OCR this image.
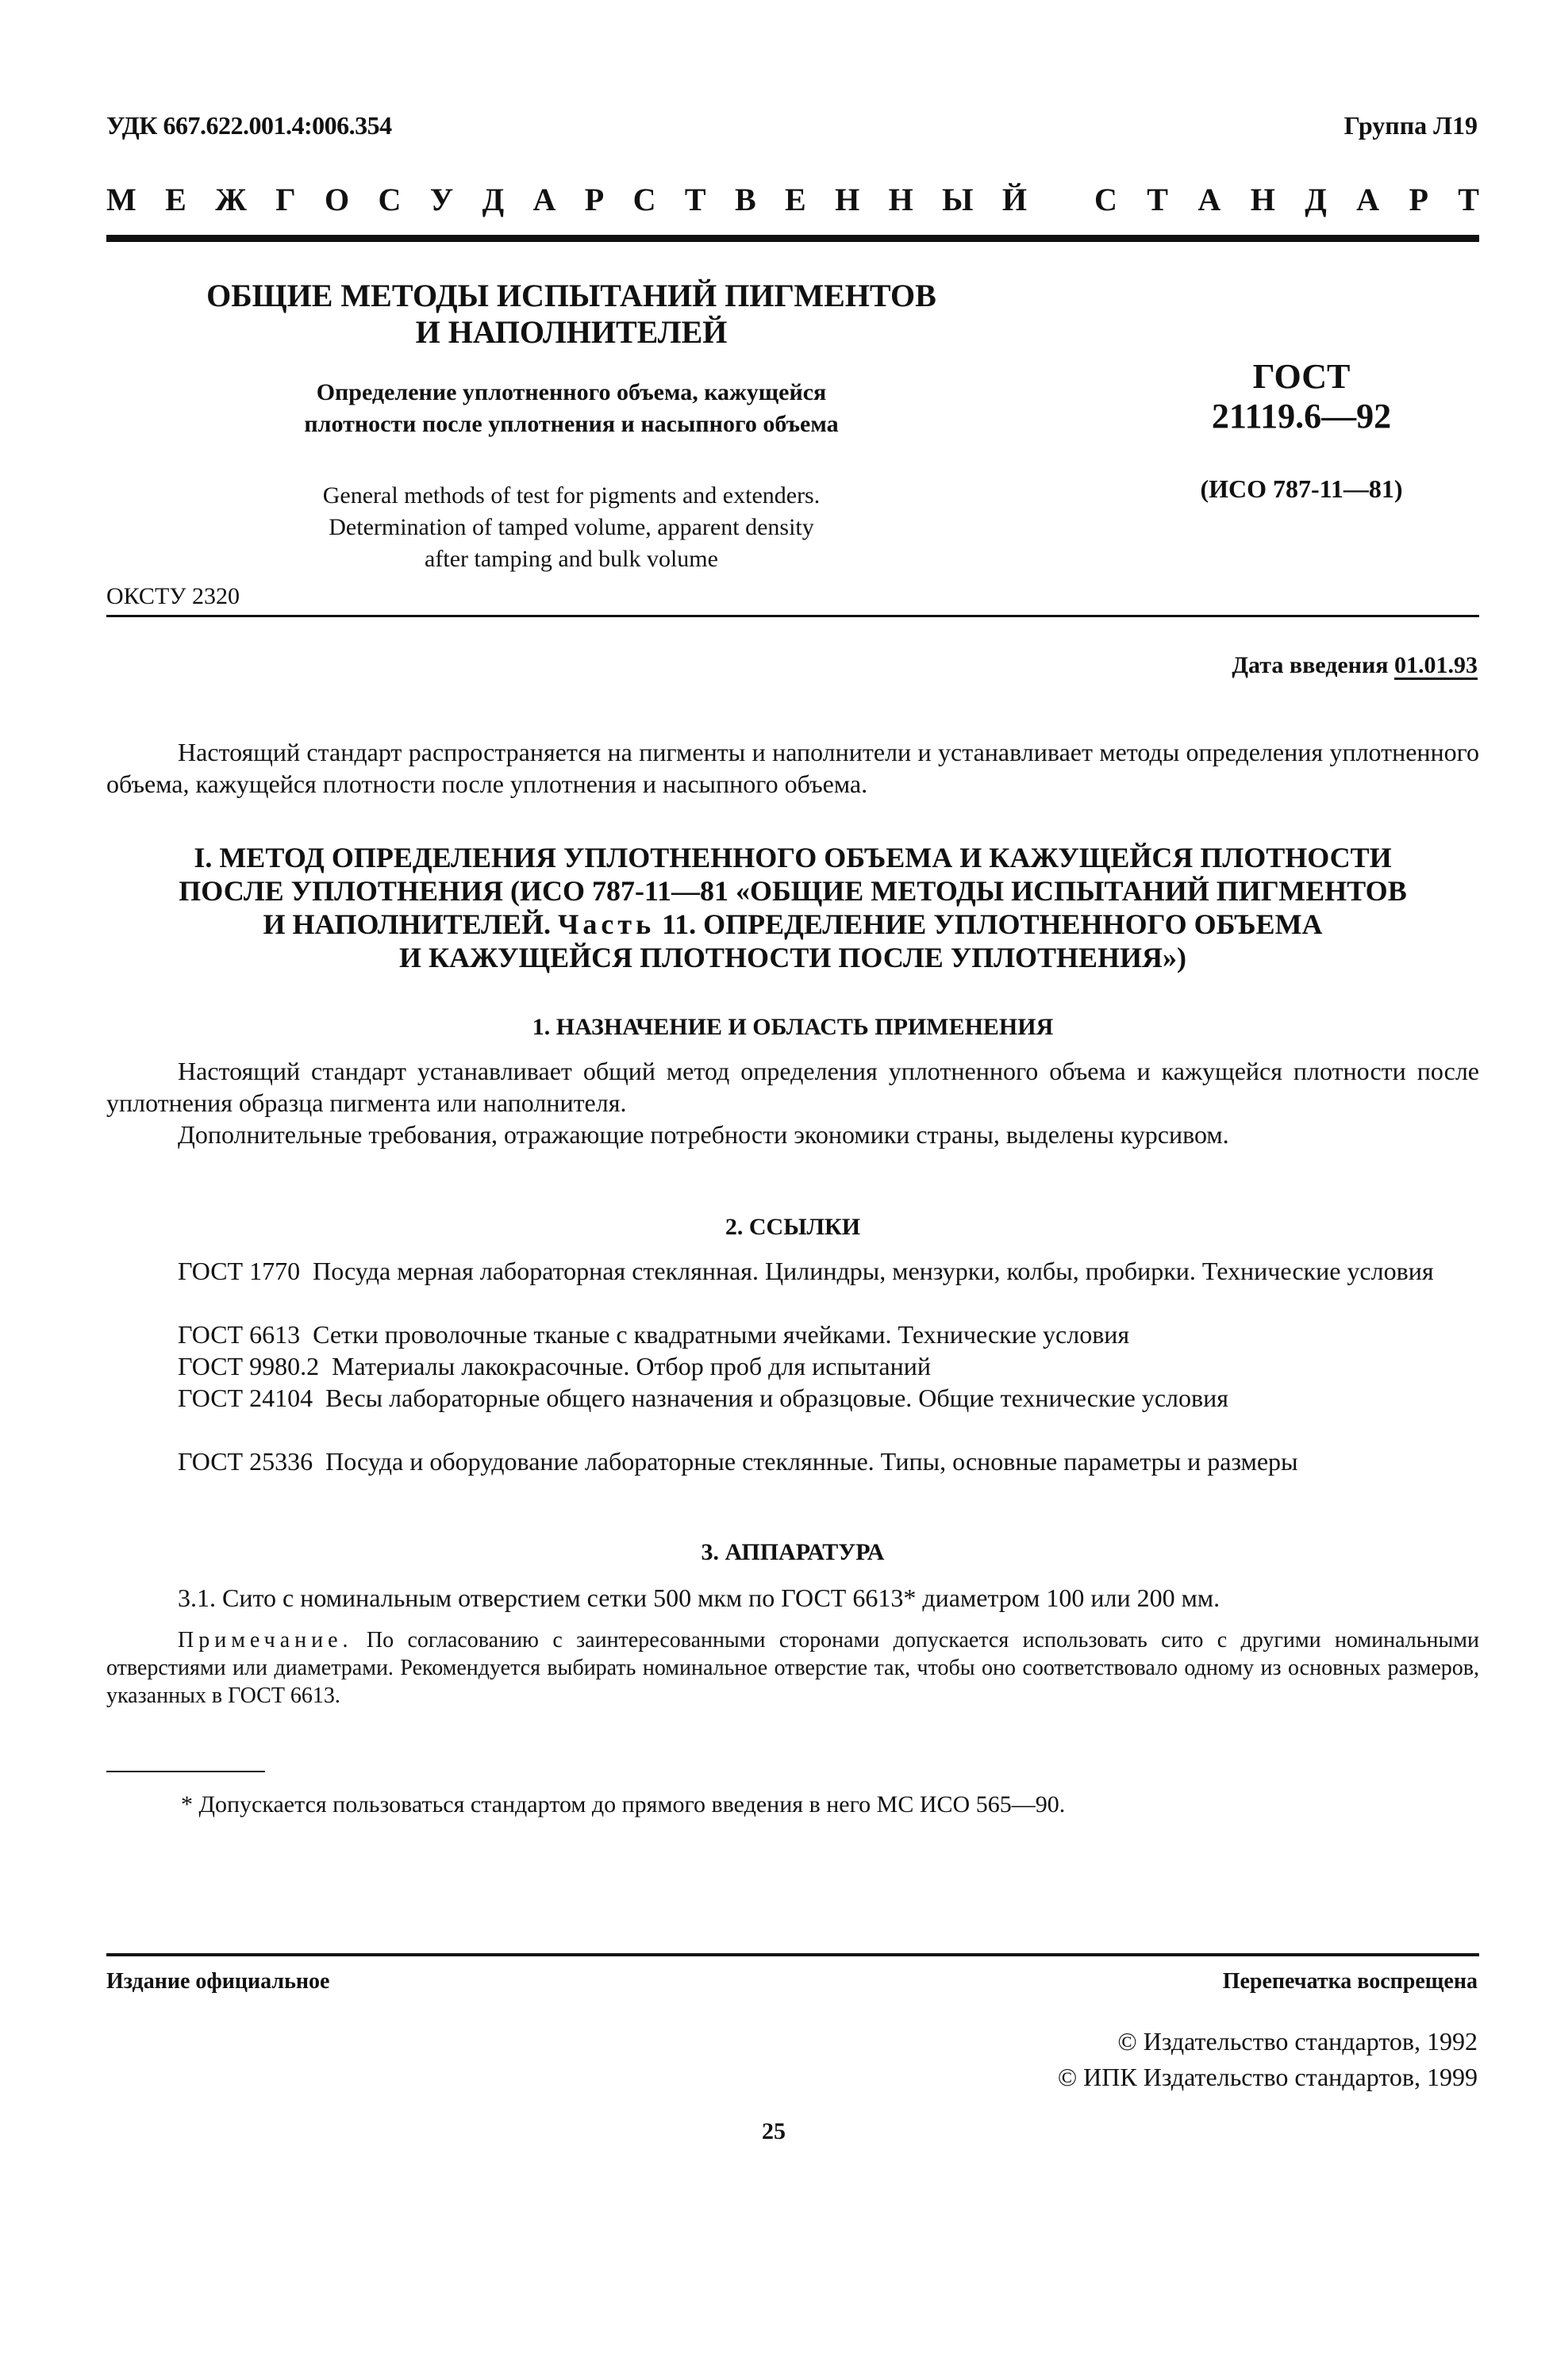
УДК 667.622.001.4:006.354	Группа Л19
М Е Ж Г О С У Д А Р С Т В Е Н Н Ы Й С Т А Н Д А Р Т
ОБЩИЕ МЕТОДЫ ИСПЫТАНИЙ ПИГМЕНТОВ
И НАПОЛНИТЕЛЕЙ
Определение уплотненного объема, кажущейся
плотности после уплотнения и насыпного объема
General methods of test for pigments and extenders.
Determination of tamped volume, apparent density
after tamping and bulk volume
ГОСТ
21119.6—92
(ИСО 787-11—81)
ОКСТУ 2320
Дата введения 01.01.93
Настоящий стандарт распространяется на пигменты и наполнители и устанавливает методы определения уплотненного объема, кажущейся плотности после уплотнения и насыпного объема.
I. МЕТОД ОПРЕДЕЛЕНИЯ УПЛОТНЕННОГО ОБЪЕМА И КАЖУЩЕЙСЯ ПЛОТНОСТИ
ПОСЛЕ УПЛОТНЕНИЯ (ИСО 787-11—81 «ОБЩИЕ МЕТОДЫ ИСПЫТАНИЙ ПИГМЕНТОВ
И НАПОЛНИТЕЛЕЙ. Часть 11. ОПРЕДЕЛЕНИЕ УПЛОТНЕННОГО ОБЪЕМА
И КАЖУЩЕЙСЯ ПЛОТНОСТИ ПОСЛЕ УПЛОТНЕНИЯ»)
1. НАЗНАЧЕНИЕ И ОБЛАСТЬ ПРИМЕНЕНИЯ
Настоящий стандарт устанавливает общий метод определения уплотненного объема и кажущейся плотности после уплотнения образца пигмента или наполнителя.
Дополнительные требования, отражающие потребности экономики страны, выделены курсивом.
2. ССЫЛКИ
ГОСТ 1770 Посуда мерная лабораторная стеклянная. Цилиндры, мензурки, колбы, пробирки. Технические условия
ГОСТ 6613 Сетки проволочные тканые с квадратными ячейками. Технические условия
ГОСТ 9980.2 Материалы лакокрасочные. Отбор проб для испытаний
ГОСТ 24104 Весы лабораторные общего назначения и образцовые. Общие технические условия
ГОСТ 25336 Посуда и оборудование лабораторные стеклянные. Типы, основные параметры и размеры
3. АППАРАТУРА
3.1. Сито с номинальным отверстием сетки 500 мкм по ГОСТ 6613* диаметром 100 или 200 мм.
Примечание. По согласованию с заинтересованными сторонами допускается использовать сито с другими номинальными отверстиями или диаметрами. Рекомендуется выбирать номинальное отверстие так, чтобы оно соответствовало одному из основных размеров, указанных в ГОСТ 6613.
* Допускается пользоваться стандартом до прямого введения в него МС ИСО 565—90.
Издание официальное	Перепечатка воспрещена
© Издательство стандартов, 1992
© ИПК Издательство стандартов, 1999
25
